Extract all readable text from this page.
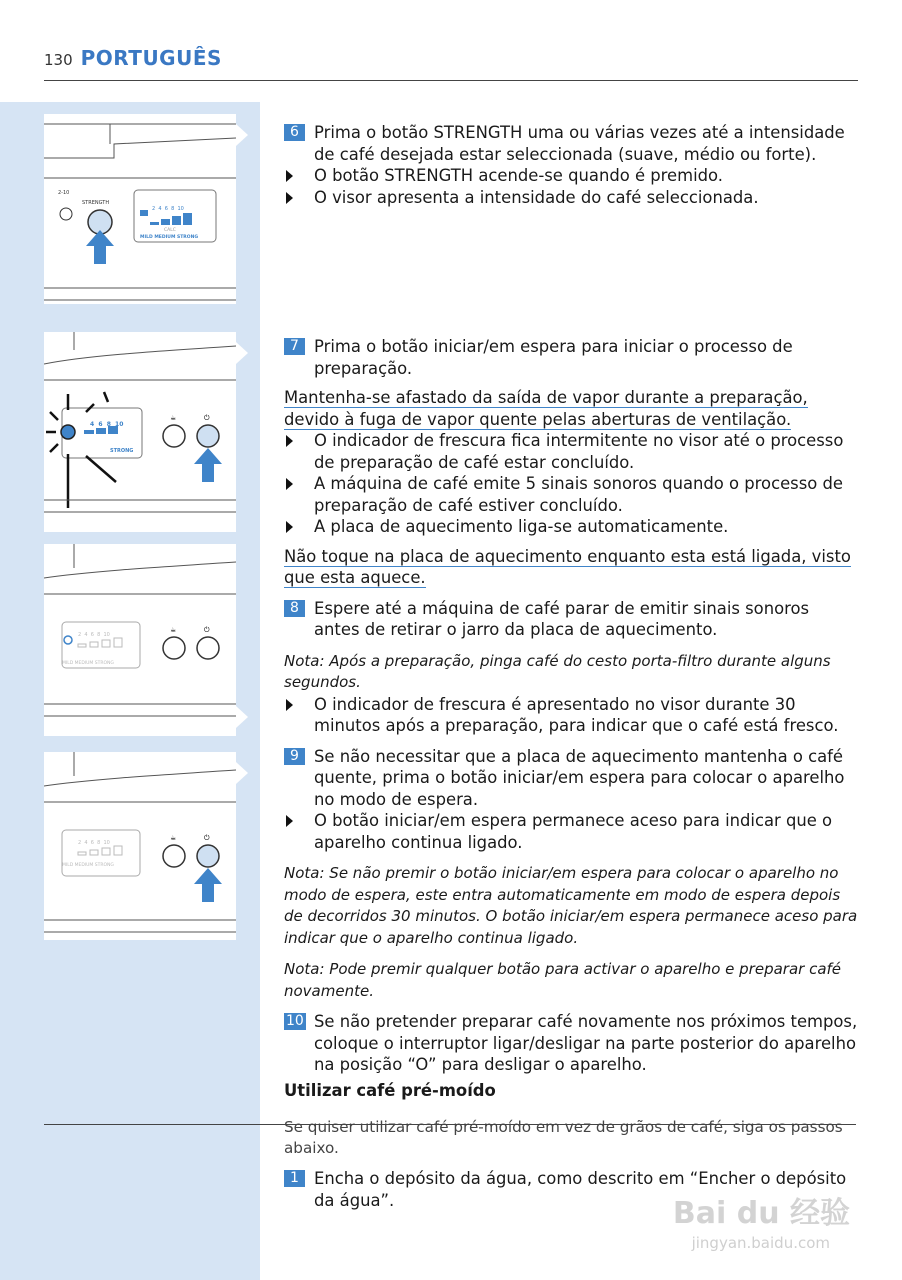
130 PORTUGUÊS
2-10
STRENGTH
2  4  6  8  10
CALC
MILD MEDIUM STRONG
4  6  8  10
STRONG
☕	⏻
2  4  6  8  10
MILD MEDIUM STRONG
☕	⏻
2  4  6  8  10
MILD MEDIUM STRONG
☕	⏻
6 Prima o botão STRENGTH uma ou várias vezes até a intensidade de café desejada estar seleccionada (suave, médio ou forte).
O botão STRENGTH acende-se quando é premido.
O visor apresenta a intensidade do café seleccionada.
7 Prima o botão iniciar/em espera para iniciar o processo de preparação.
Mantenha-se afastado da saída de vapor durante a preparação, devido à fuga de vapor quente pelas aberturas de ventilação.
O indicador de frescura fica intermitente no visor até o processo de preparação de café estar concluído.
A máquina de café emite 5 sinais sonoros quando o processo de preparação de café estiver concluído.
A placa de aquecimento liga-se automaticamente.
Não toque na placa de aquecimento enquanto esta está ligada, visto que esta aquece.
8 Espere até a máquina de café parar de emitir sinais sonoros antes de retirar o jarro da placa de aquecimento.
Nota: Após a preparação, pinga café do cesto porta-filtro durante alguns segundos.
O indicador de frescura é apresentado no visor durante 30 minutos após a preparação, para indicar que o café está fresco.
9 Se não necessitar que a placa de aquecimento mantenha o café quente, prima o botão iniciar/em espera para colocar o aparelho no modo de espera.
O botão iniciar/em espera permanece aceso para indicar que o aparelho continua ligado.
Nota: Se não premir o botão iniciar/em espera para colocar o aparelho no modo de espera, este entra automaticamente em modo de espera depois de decorridos 30 minutos. O botão iniciar/em espera permanece aceso para indicar que o aparelho continua ligado.
Nota: Pode premir qualquer botão para activar o aparelho e preparar café novamente.
10 Se não pretender preparar café novamente nos próximos tempos, coloque o interruptor ligar/desligar na parte posterior do aparelho na posição “O” para desligar o aparelho.
Utilizar café pré-moído
Se quiser utilizar café pré-moído em vez de grãos de café, siga os passos abaixo.
1 Encha o depósito da água, como descrito em “Encher o depósito da água”.	Bai du 经验
jingyan.baidu.com
